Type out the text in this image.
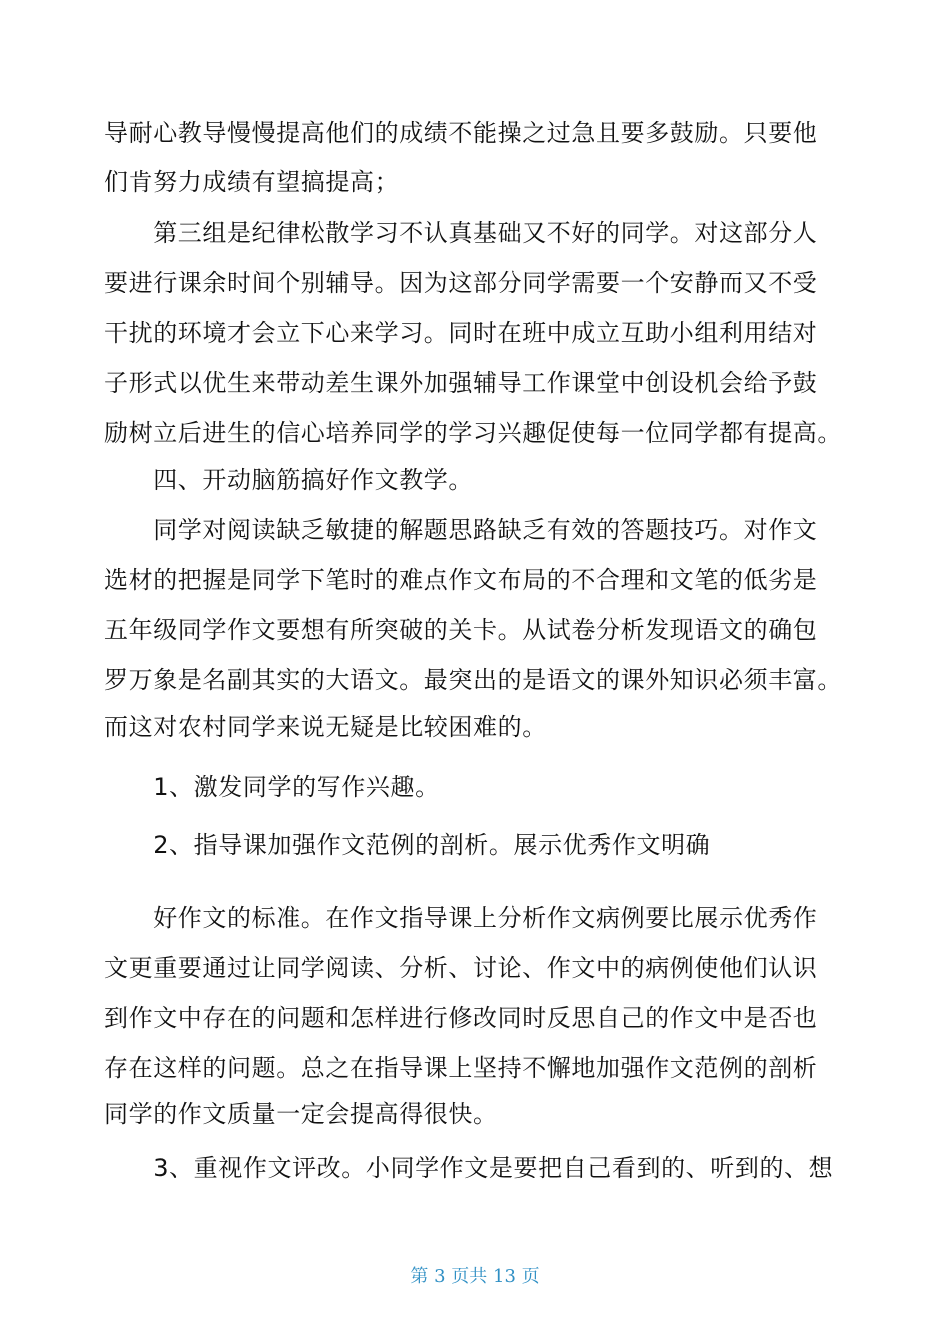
导耐心教导慢慢提高他们的成绩不能操之过急且要多鼓励。只要他
们肯努力成绩有望搞提高；
　　第三组是纪律松散学习不认真基础又不好的同学。对这部分人
要进行课余时间个别辅导。因为这部分同学需要一个安静而又不受
干扰的环境才会立下心来学习。同时在班中成立互助小组利用结对
子形式以优生来带动差生课外加强辅导工作课堂中创设机会给予鼓
励树立后进生的信心培养同学的学习兴趣促使每一位同学都有提高。
　　四、开动脑筋搞好作文教学。
　　同学对阅读缺乏敏捷的解题思路缺乏有效的答题技巧。对作文
选材的把握是同学下笔时的难点作文布局的不合理和文笔的低劣是
五年级同学作文要想有所突破的关卡。从试卷分析发现语文的确包
罗万象是名副其实的大语文。最突出的是语文的课外知识必须丰富。
而这对农村同学来说无疑是比较困难的。
　　1、激发同学的写作兴趣。
　　2、指导课加强作文范例的剖析。展示优秀作文明确
　　好作文的标准。在作文指导课上分析作文病例要比展示优秀作
文更重要通过让同学阅读、分析、讨论、作文中的病例使他们认识
到作文中存在的问题和怎样进行修改同时反思自己的作文中是否也
存在这样的问题。总之在指导课上坚持不懈地加强作文范例的剖析
同学的作文质量一定会提高得很快。
　　3、重视作文评改。小同学作文是要把自己看到的、听到的、想
第 3 页共 13 页
